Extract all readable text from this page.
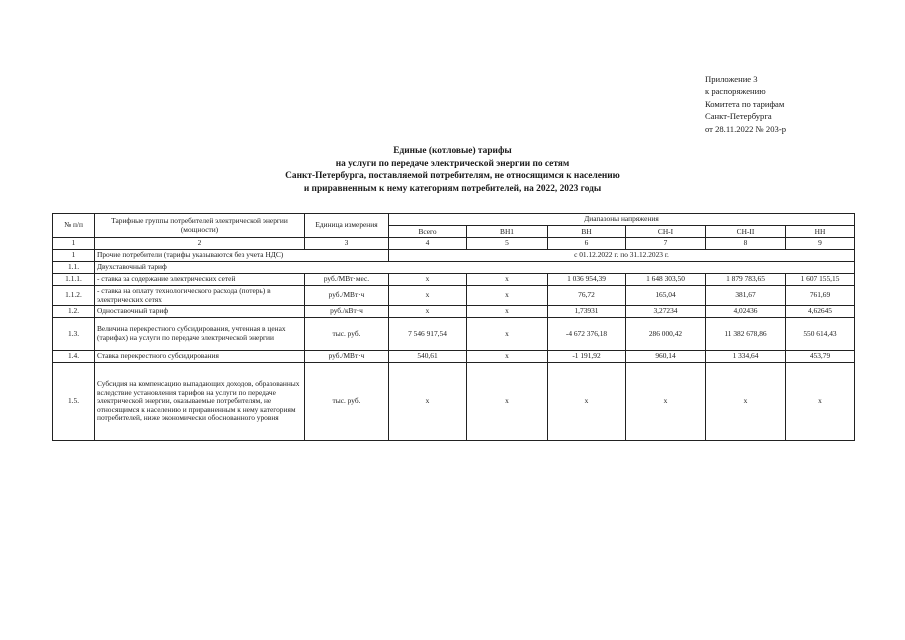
Приложение 3
к распоряжению
Комитета по тарифам
Санкт-Петербурга
от 28.11.2022 № 203-р
Единые (котловые) тарифы
на услуги по передаче электрической энергии по сетям
Санкт-Петербурга, поставляемой потребителям, не относящимся к населению
и приравненным к нему категориям потребителей, на 2022, 2023 годы
№ п/п	Тарифные группы потребителей электрической энергии (мощности)	Единица измерения	Диапазоны напряжения					
			Всего	ВН1	ВН	СН-I	СН-II	НН
1	2	3	4	5	6	7	8	9
1	Прочие потребители (тарифы указываются без учета НДС)		с 01.12.2022 г. по 31.12.2023 г.					
1.1.	Двухставочный тариф							
1.1.1.	- ставка за содержание электрических сетей	руб./МВт·мес.	х	х	1 036 954,39	1 648 303,50	1 879 783,65	1 607 155,15
1.1.2.	- ставка на оплату технологического расхода (потерь) в электрических сетях	руб./МВт·ч	х	х	76,72	165,04	381,67	761,69
1.2.	Одноставочный тариф	руб./кВт·ч	х	х	1,73931	3,27234	4,02436	4,62645
1.3.	Величина перекрестного субсидирования, учтенная в ценах (тарифах) на услуги по передаче электрической энергии	тыс. руб.	7 546 917,54	х	-4 672 376,18	286 000,42	11 382 678,86	550 614,43
1.4.	Ставка перекрестного субсидирования	руб./МВт·ч	540,61	х	-1 191,92	960,14	1 334,64	453,79
1.5.	Субсидия на компенсацию выпадающих доходов, образованных вследствие установления тарифов на услуги по передаче электрической энергии, оказываемые потребителям, не относящимся к населению и приравненным к нему категориям потребителей, ниже экономически обоснованного уровня	тыс. руб.	х	х	х	х	х	х
